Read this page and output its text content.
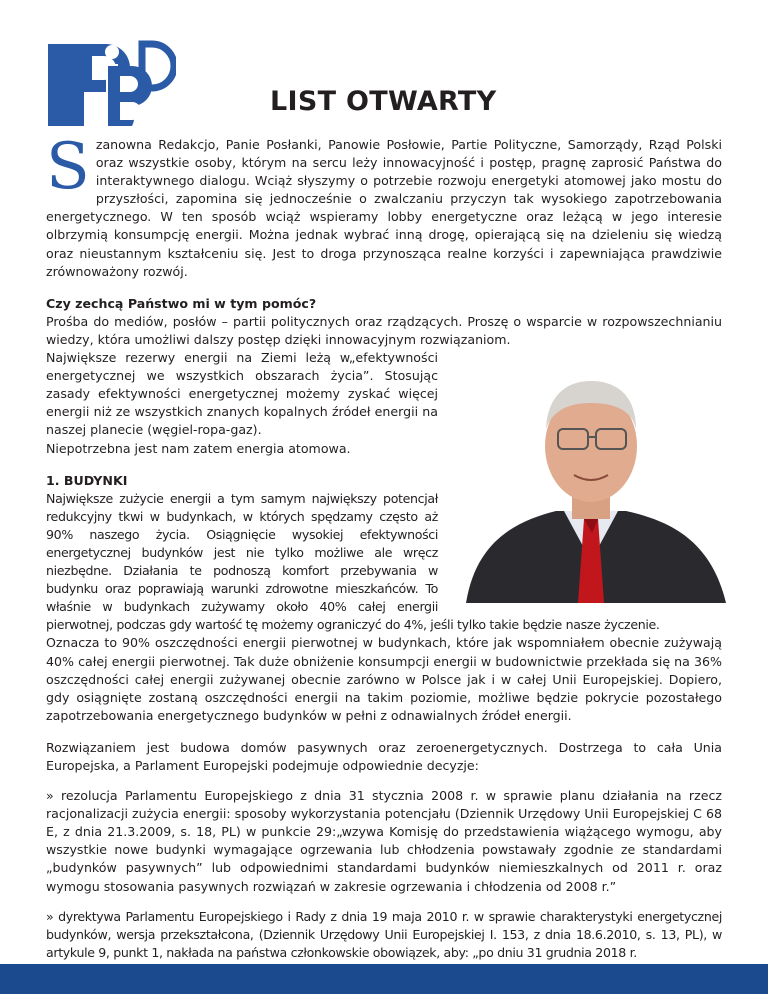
PiBP
LIST OTWARTY

Szanowna Redakcjo, Panie Posłanki, Panowie Posłowie, Partie Polityczne, Samorządy, Rząd Polski oraz wszystkie osoby, którym na sercu leży innowacyjność i postęp, pragnę zaprosić Państwa do interaktywnego dialogu. Wciąż słyszymy o potrzebie rozwoju energetyki atomowej jako mostu do przyszłości, zapomina się jednocześnie o zwalczaniu przyczyn tak wysokiego zapotrzebowania energetycznego. W ten sposób wciąż wspieramy lobby energetyczne oraz leżącą w jego interesie olbrzymią konsumpcję energii. Można jednak wybrać inną drogę, opierającą się na dzieleniu się wiedzą oraz nieustannym kształceniu się. Jest to droga przynosząca realne korzyści i zapewniająca prawdziwie zrównoważony rozwój.

Czy zechcą Państwo mi w tym pomóc?

Prośba do mediów, posłów – partii politycznych oraz rządzących. Proszę o wsparcie w rozpowszechnianiu wiedzy, która umożliwi dalszy postęp dzięki innowacyjnym rozwiązaniom.

Największe rezerwy energii na Ziemi leżą w„efektywności energetycznej we wszystkich obszarach życia”. Stosując zasady efektywności energetycznej możemy zyskać więcej energii niż ze wszystkich znanych kopalnych źródeł energii na naszej planecie (węgiel-ropa-gaz).

Niepotrzebna jest nam zatem energia atomowa.

1. BUDYNKI

Największe zużycie energii a tym samym największy potencjał redukcyjny tkwi w budynkach, w których spędzamy często aż 90% naszego życia. Osiągnięcie wysokiej efektywności energetycznej budynków jest nie tylko możliwe ale wręcz niezbędne. Działania te podnoszą komfort przebywania w budynku oraz poprawiają warunki zdrowotne mieszkańców. To właśnie w budynkach zużywamy około 40% całej energii pierwotnej, podczas gdy wartość tę możemy ograniczyć do 4%, jeśli tylko takie będzie nasze życzenie.

Oznacza to 90% oszczędności energii pierwotnej w budynkach, które jak wspomniałem obecnie zużywają 40% całej energii pierwotnej. Tak duże obniżenie konsumpcji energii w budownictwie przekłada się na 36% oszczędności całej energii zużywanej obecnie zarówno w Polsce jak i w całej Unii Europejskiej. Dopiero, gdy osiągnięte zostaną oszczędności energii na takim poziomie, możliwe będzie pokrycie pozostałego zapotrzebowania energetycznego budynków w pełni z odnawialnych źródeł energii.

Rozwiązaniem jest budowa domów pasywnych oraz zeroenergetycznych. Dostrzega to cała Unia Europejska, a Parlament Europejski podejmuje odpowiednie decyzje:

» rezolucja Parlamentu Europejskiego z dnia 31 stycznia 2008 r. w sprawie planu działania na rzecz racjonalizacji zużycia energii: sposoby wykorzystania potencjału (Dziennik Urzędowy Unii Europejskiej C 68 E, z dnia 21.3.2009, s. 18, PL) w punkcie 29:„wzywa Komisję do przedstawienia wiążącego wymogu, aby wszystkie nowe budynki wymagające ogrzewania lub chłodzenia powstawały zgodnie ze standardami „budynków pasywnych” lub odpowiednimi standardami budynków niemieszkalnych od 2011 r. oraz wymogu stosowania pasywnych rozwiązań w zakresie ogrzewania i chłodzenia od 2008 r.”

» dyrektywa Parlamentu Europejskiego i Rady z dnia 19 maja 2010 r. w sprawie charakterystyki energetycznej budynków, wersja przekształcona, (Dziennik Urzędowy Unii Europejskiej I. 153, z dnia 18.6.2010, s. 13, PL), w artykule 9, punkt 1, nakłada na państwa członkowskie obowiązek, aby: „po dniu 31 grudnia 2018 r.
